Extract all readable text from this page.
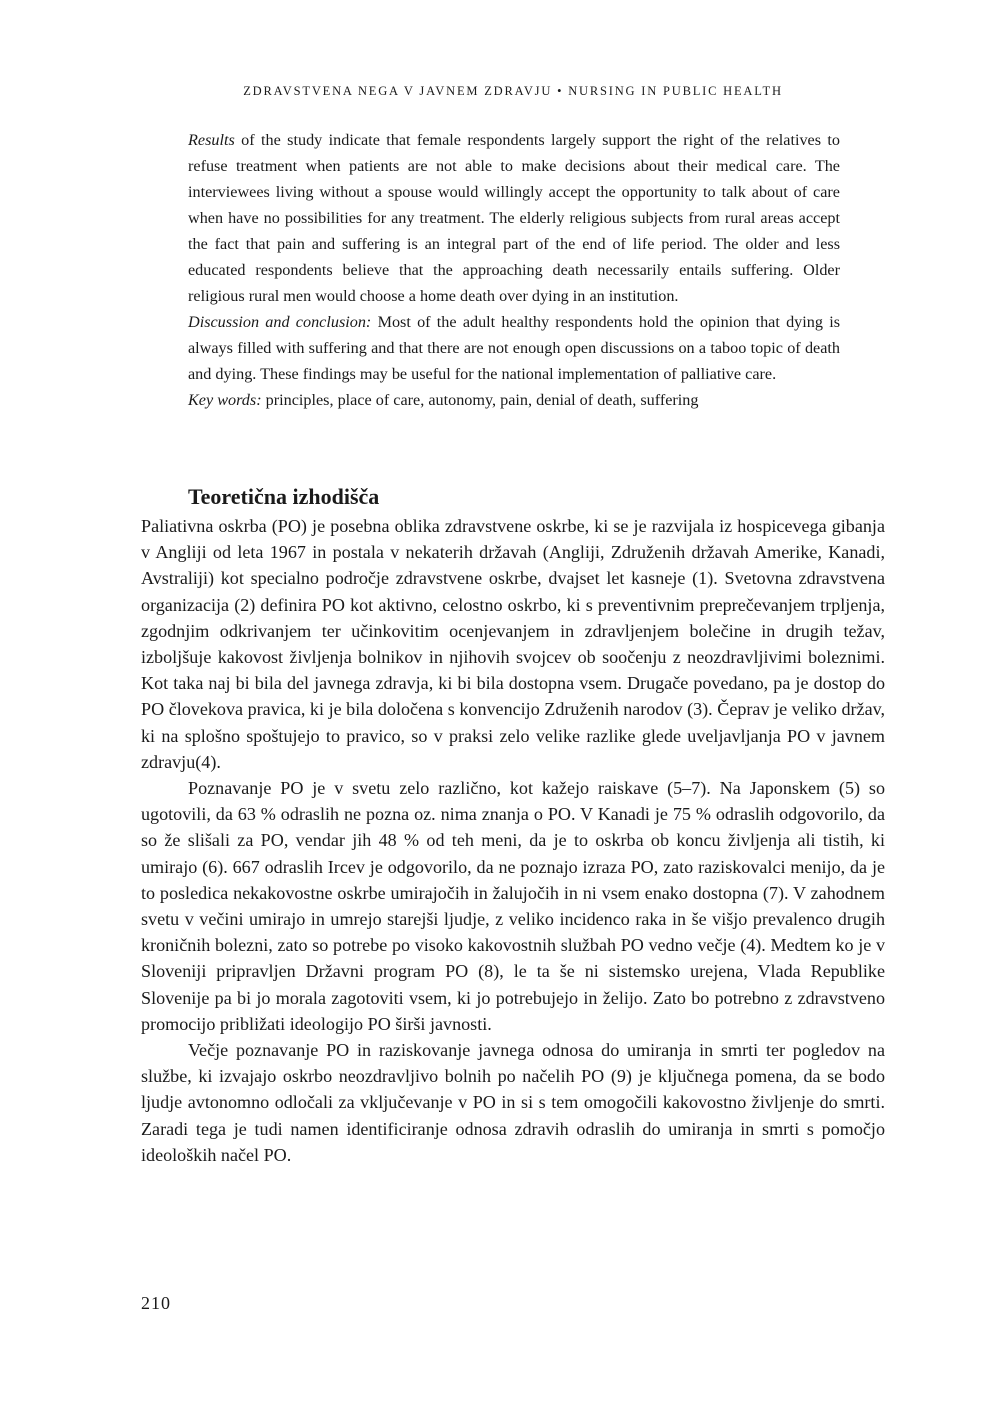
ZDRAVSTVENA NEGA V JAVNEM ZDRAVJU • NURSING IN PUBLIC HEALTH

Results of the study indicate that female respondents largely support the right of the relatives to refuse treatment when patients are not able to make decisions about their medical care. The interviewees living without a spouse would willingly accept the opportunity to talk about of care when have no possibilities for any treatment. The elderly religious subjects from rural areas accept the fact that pain and suffering is an integral part of the end of life period. The older and less educated respondents believe that the approaching death necessarily entails suffering. Older religious rural men would choose a home death over dying in an institution.

Discussion and conclusion: Most of the adult healthy respondents hold the opinion that dying is always filled with suffering and that there are not enough open discussions on a taboo topic of death and dying. These findings may be useful for the national implementation of palliative care.

Key words: principles, place of care, autonomy, pain, denial of death, suffering

Teoretična izhodišča

Paliativna oskrba (PO) je posebna oblika zdravstvene oskrbe, ki se je razvijala iz hospicevega gibanja v Angliji od leta 1967 in postala v nekaterih državah (Angliji, Združenih državah Amerike, Kanadi, Avstraliji) kot specialno področje zdravstvene oskrbe, dvajset let kasneje (1). Svetovna zdravstvena organizacija (2) definira PO kot aktivno, celostno oskrbo, ki s preventivnim preprečevanjem trpljenja, zgodnjim odkrivanjem ter učinkovitim ocenjevanjem in zdravljenjem bolečine in drugih težav, izboljšuje kakovost življenja bolnikov in njihovih svojcev ob soočenju z neozdravljivimi boleznimi. Kot taka naj bi bila del javnega zdravja, ki bi bila dostopna vsem. Drugače povedano, pa je dostop do PO človekova pravica, ki je bila določena s konvencijo Združenih narodov (3). Čeprav je veliko držav, ki na splošno spoštujejo to pravico, so v praksi zelo velike razlike glede uveljavljanja PO v javnem zdravju(4).

Poznavanje PO je v svetu zelo različno, kot kažejo raiskave (5–7). Na Japonskem (5) so ugotovili, da 63 % odraslih ne pozna oz. nima znanja o PO. V Kanadi je 75 % odraslih odgovorilo, da so že slišali za PO, vendar jih 48 % od teh meni, da je to oskrba ob koncu življenja ali tistih, ki umirajo (6). 667 odraslih Ircev je odgovorilo, da ne poznajo izraza PO, zato raziskovalci menijo, da je to posledica nekakovostne oskrbe umirajočih in žalujočih in ni vsem enako dostopna (7). V zahodnem svetu v večini umirajo in umrejo starejši ljudje, z veliko incidenco raka in še višjo prevalenco drugih kroničnih bolezni, zato so potrebe po visoko kakovostnih službah PO vedno večje (4). Medtem ko je v Sloveniji pripravljen Državni program PO (8), le ta še ni sistemsko urejena, Vlada Republike Slovenije pa bi jo morala zagotoviti vsem, ki jo potrebujejo in želijo. Zato bo potrebno z zdravstveno promocijo približati ideologijo PO širši javnosti.

Večje poznavanje PO in raziskovanje javnega odnosa do umiranja in smrti ter pogledov na službe, ki izvajajo oskrbo neozdravljivo bolnih po načelih PO (9) je ključnega pomena, da se bodo ljudje avtonomno odločali za vključevanje v PO in si s tem omogočili kakovostno življenje do smrti. Zaradi tega je tudi namen identificiranje odnosa zdravih odraslih do umiranja in smrti s pomočjo ideoloških načel PO.

210
